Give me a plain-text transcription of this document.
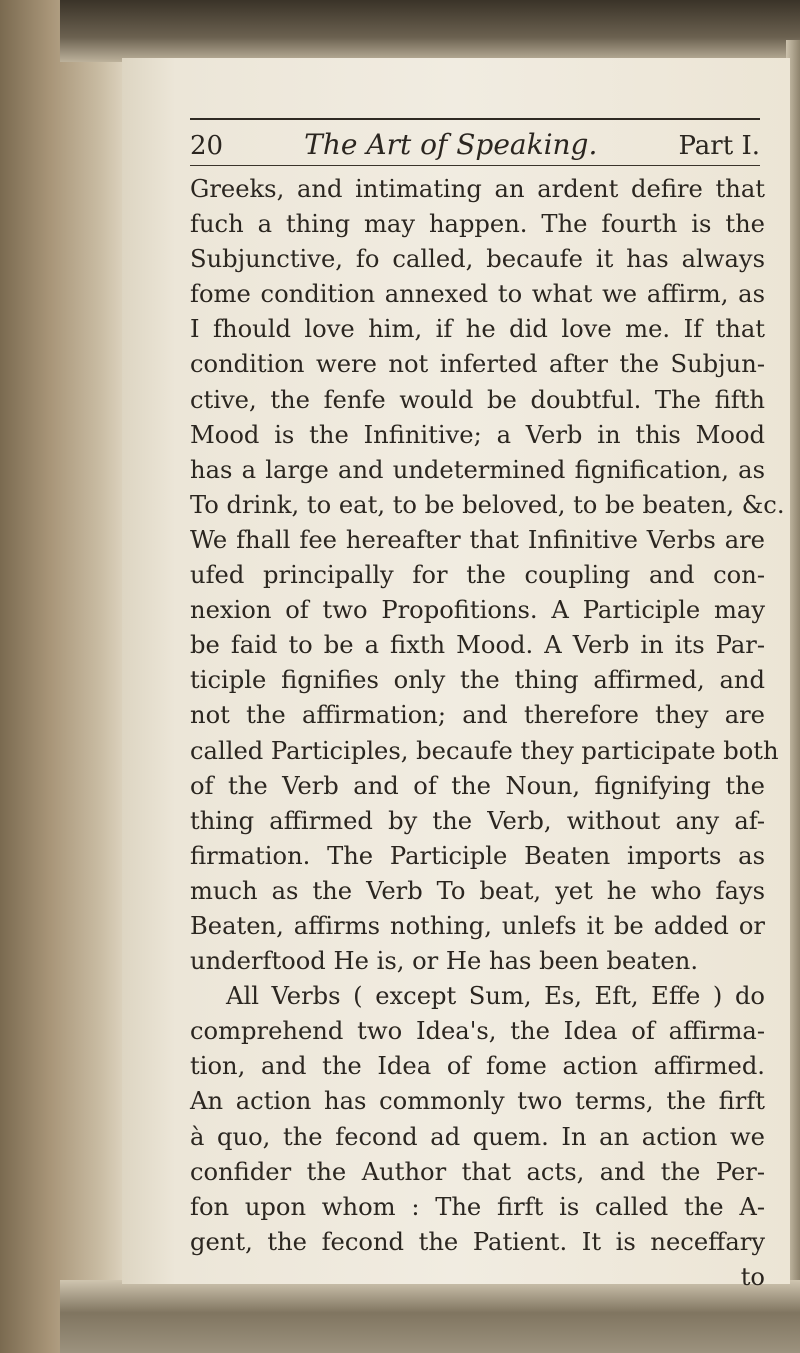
20	The Art of Speaking.	Part I.
Greeks, and intimating an ardent defire that
fuch a thing may happen. The fourth is the
Subjunctive, fo called, becaufe it has always
fome condition annexed to what we affirm, as
I fhould love him, if he did love me. If that
condition were not inferted after the Subjun-
ctive, the fenfe would be doubtful. The fifth
Mood is the Infinitive; a Verb in this Mood
has a large and undetermined fignification, as
To drink, to eat, to be beloved, to be beaten, &c.
We fhall fee hereafter that Infinitive Verbs are
ufed principally for the coupling and con-
nexion of two Propofitions. A Participle may
be faid to be a fixth Mood. A Verb in its Par-
ticiple fignifies only the thing affirmed, and
not the affirmation; and therefore they are
called Participles, becaufe they participate both
of the Verb and of the Noun, fignifying the
thing affirmed by the Verb, without any af-
firmation. The Participle Beaten imports as
much as the Verb To beat, yet he who fays
Beaten, affirms nothing, unlefs it be added or
underftood He is, or He has been beaten.
All Verbs ( except Sum, Es, Eft, Effe ) do
comprehend two Idea's, the Idea of affirma-
tion, and the Idea of fome action affirmed.
An action has commonly two terms, the firft
à quo, the fecond ad quem. In an action we
confider the Author that acts, and the Per-
fon upon whom : The firft is called the A-
gent, the fecond the Patient. It is neceffary
to
